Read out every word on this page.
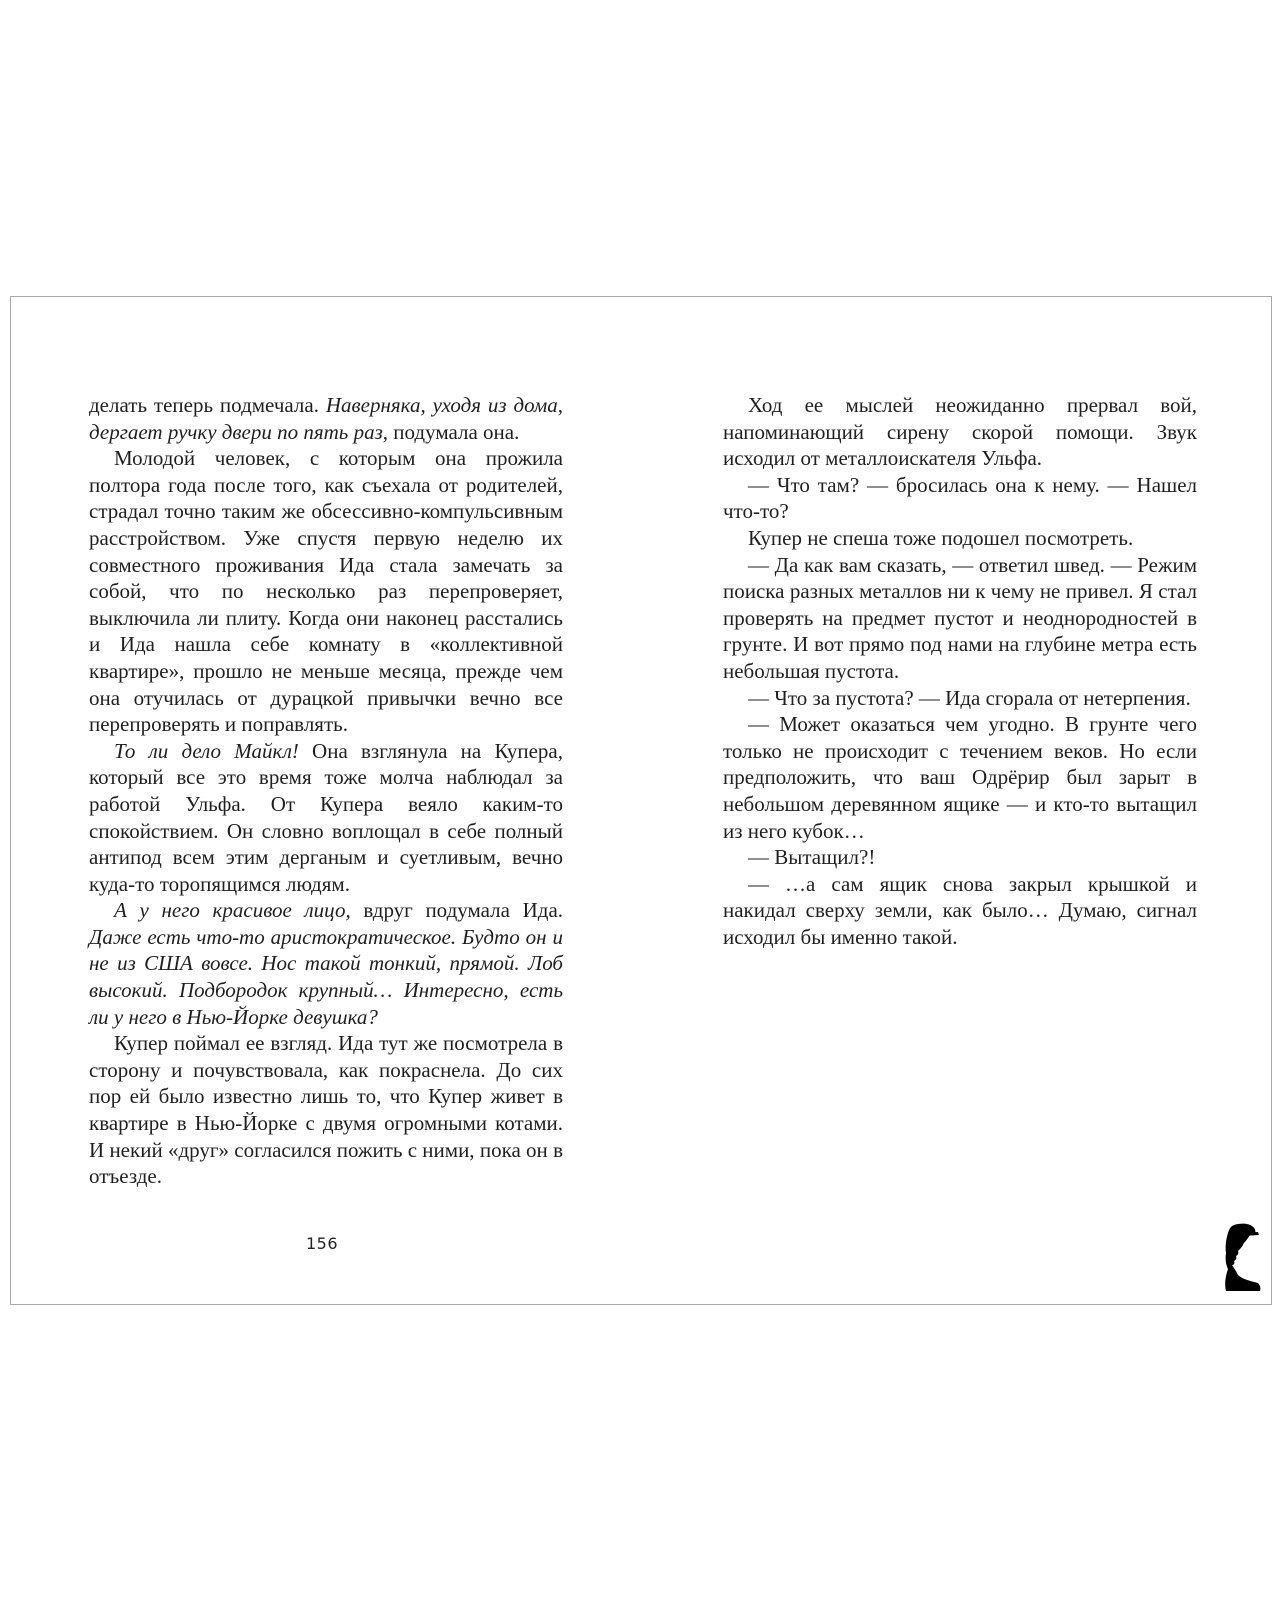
делать теперь подмечала. Наверняка, уходя из дома, дергает ручку двери по пять раз, подумала она.

Молодой человек, с которым она прожила полтора года после того, как съехала от родителей, страдал точно таким же обсессивно-компульсивным расстройством. Уже спустя первую неделю их совместного проживания Ида стала замечать за собой, что по несколько раз перепроверяет, выключила ли плиту. Когда они наконец расстались и Ида нашла себе комнату в «коллективной квартире», прошло не меньше месяца, прежде чем она отучилась от дурацкой привычки вечно все перепроверять и поправлять.

То ли дело Майкл! Она взглянула на Купера, который все это время тоже молча наблюдал за работой Ульфа. От Купера веяло каким-то спокойствием. Он словно воплощал в себе полный антипод всем этим дерганым и суетливым, вечно куда-то торопящимся людям.

А у него красивое лицо, вдруг подумала Ида. Даже есть что-то аристократическое. Будто он и не из США вовсе. Нос такой тонкий, прямой. Лоб высокий. Подбородок крупный… Интересно, есть ли у него в Нью-Йорке девушка?

Купер поймал ее взгляд. Ида тут же посмотрела в сторону и почувствовала, как покраснела. До сих пор ей было известно лишь то, что Купер живет в квартире в Нью-Йорке с двумя огромными котами. И некий «друг» согласился пожить с ними, пока он в отъезде.

156

Ход ее мыслей неожиданно прервал вой, напоминающий сирену скорой помощи. Звук исходил от металлоискателя Ульфа.

— Что там? — бросилась она к нему. — Нашел что-то?

Купер не спеша тоже подошел посмотреть.

— Да как вам сказать, — ответил швед. — Режим поиска разных металлов ни к чему не привел. Я стал проверять на предмет пустот и неоднородностей в грунте. И вот прямо под нами на глубине метра есть небольшая пустота.

— Что за пустота? — Ида сгорала от нетерпения.

— Может оказаться чем угодно. В грунте чего только не происходит с течением веков. Но если предположить, что ваш Одрёрир был зарыт в небольшом деревянном ящике — и кто-то вытащил из него кубок…

— Вытащил?!

— …а сам ящик снова закрыл крышкой и накидал сверху земли, как было… Думаю, сигнал исходил бы именно такой.
